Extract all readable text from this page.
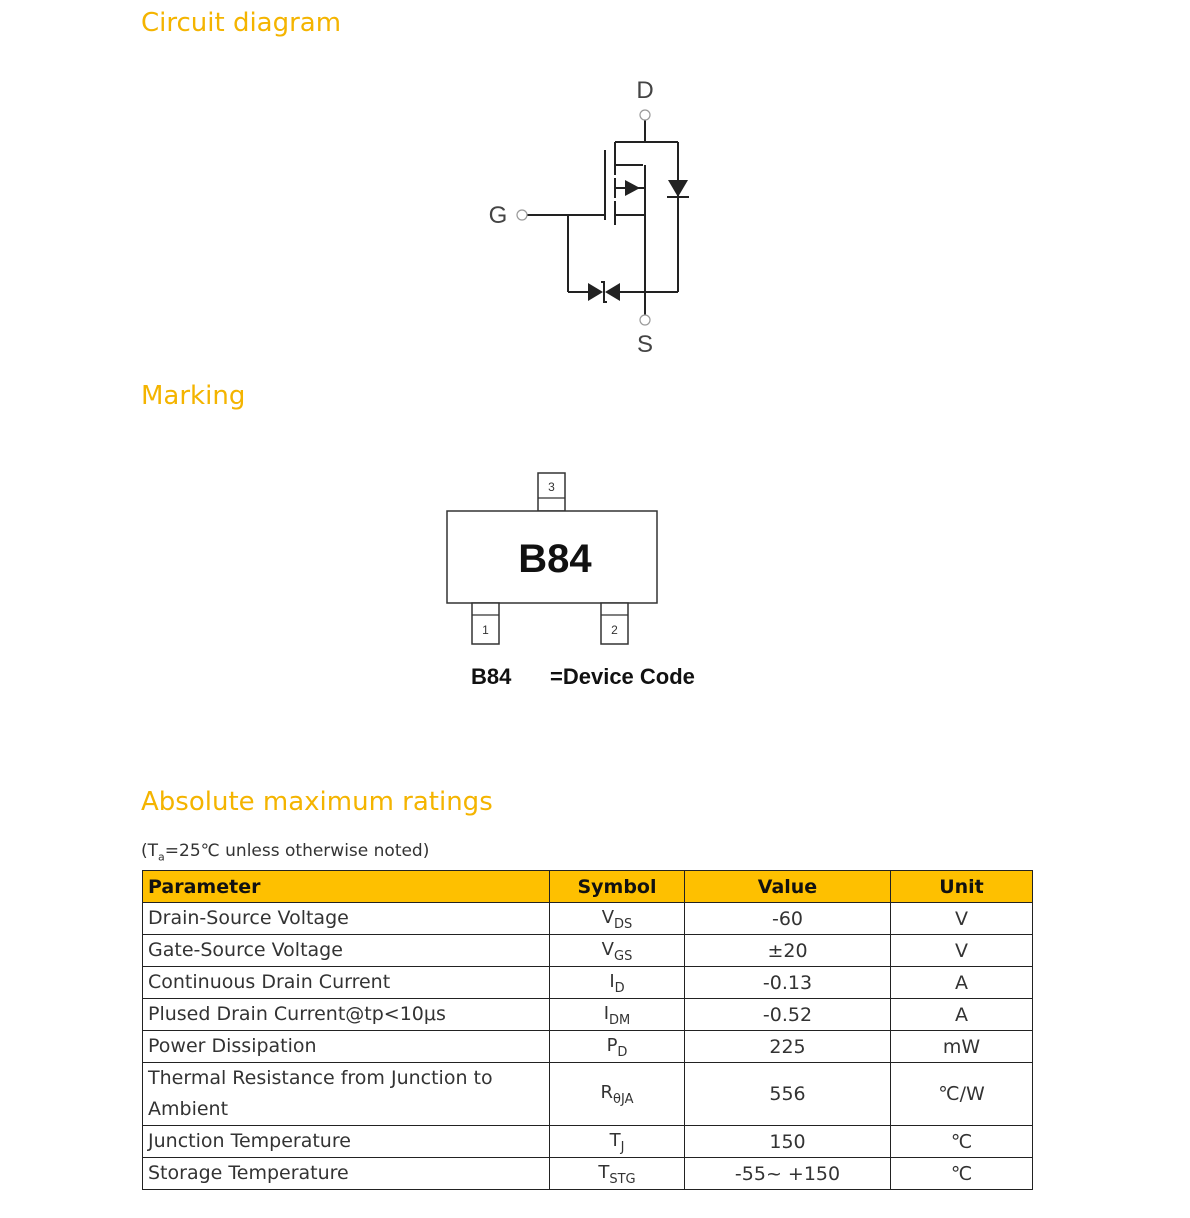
Circuit diagram
Marking
Absolute maximum ratings
D
G
S
3
1	2
B84
B84 =Device Code
($T_a=25℃$ unless otherwise noted)
Parameter	Symbol	Value	Unit
Drain-Source Voltage	$V_{DS}$	-60	V
Gate-Source Voltage	$V_{GS}$	±20	V
Continuous Drain Current	$I_D$	-0.13	A
Plused Drain Current@tp<10μs	$I_{DM}$	-0.52	A
Power Dissipation	$P_D$	225	mW
Thermal Resistance from Junction to Ambient	$R_{\theta JA}$	556	℃/W
Junction Temperature	$T_J$	150	℃
Storage Temperature	$T_{STG}$	-55~ +150	℃
